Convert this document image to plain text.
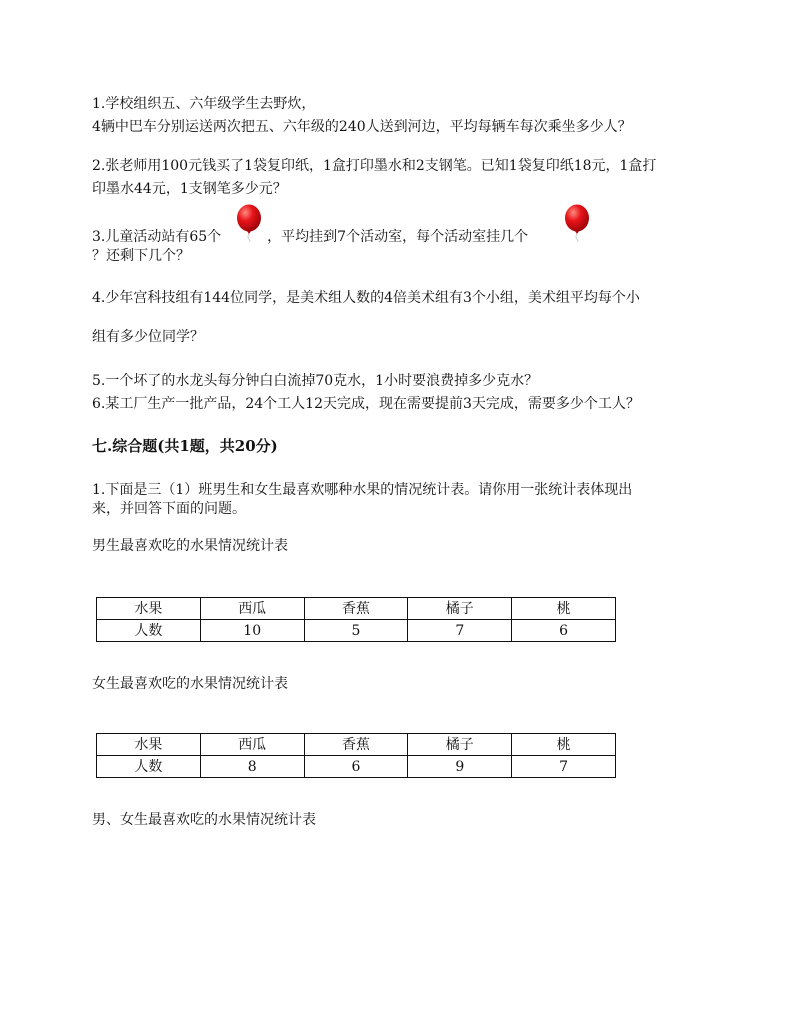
1.学校组织五、六年级学生去野炊，
4辆中巴车分别运送两次把五、六年级的240人送到河边，平均每辆车每次乘坐多少人？
2.张老师用100元钱买了1袋复印纸，1盒打印墨水和2支钢笔。已知1袋复印纸18元，1盒打
印墨水44元，1支钢笔多少元？
3.儿童活动站有65个	，平均挂到7个活动室，每个活动室挂几个
？还剩下几个？
4.少年宫科技组有144位同学，是美术组人数的4倍美术组有3个小组，美术组平均每个小
组有多少位同学？
5.一个坏了的水龙头每分钟白白流掉70克水，1小时要浪费掉多少克水？
6.某工厂生产一批产品，24个工人12天完成，现在需要提前3天完成，需要多少个工人？
七.综合题(共1题，共20分)
1.下面是三（1）班男生和女生最喜欢哪种水果的情况统计表。请你用一张统计表体现出
来，并回答下面的问题。
男生最喜欢吃的水果情况统计表
水果	西瓜	香蕉	橘子	桃
人数	10	5	7	6
女生最喜欢吃的水果情况统计表
水果	西瓜	香蕉	橘子	桃
人数	8	6	9	7
男、女生最喜欢吃的水果情况统计表
